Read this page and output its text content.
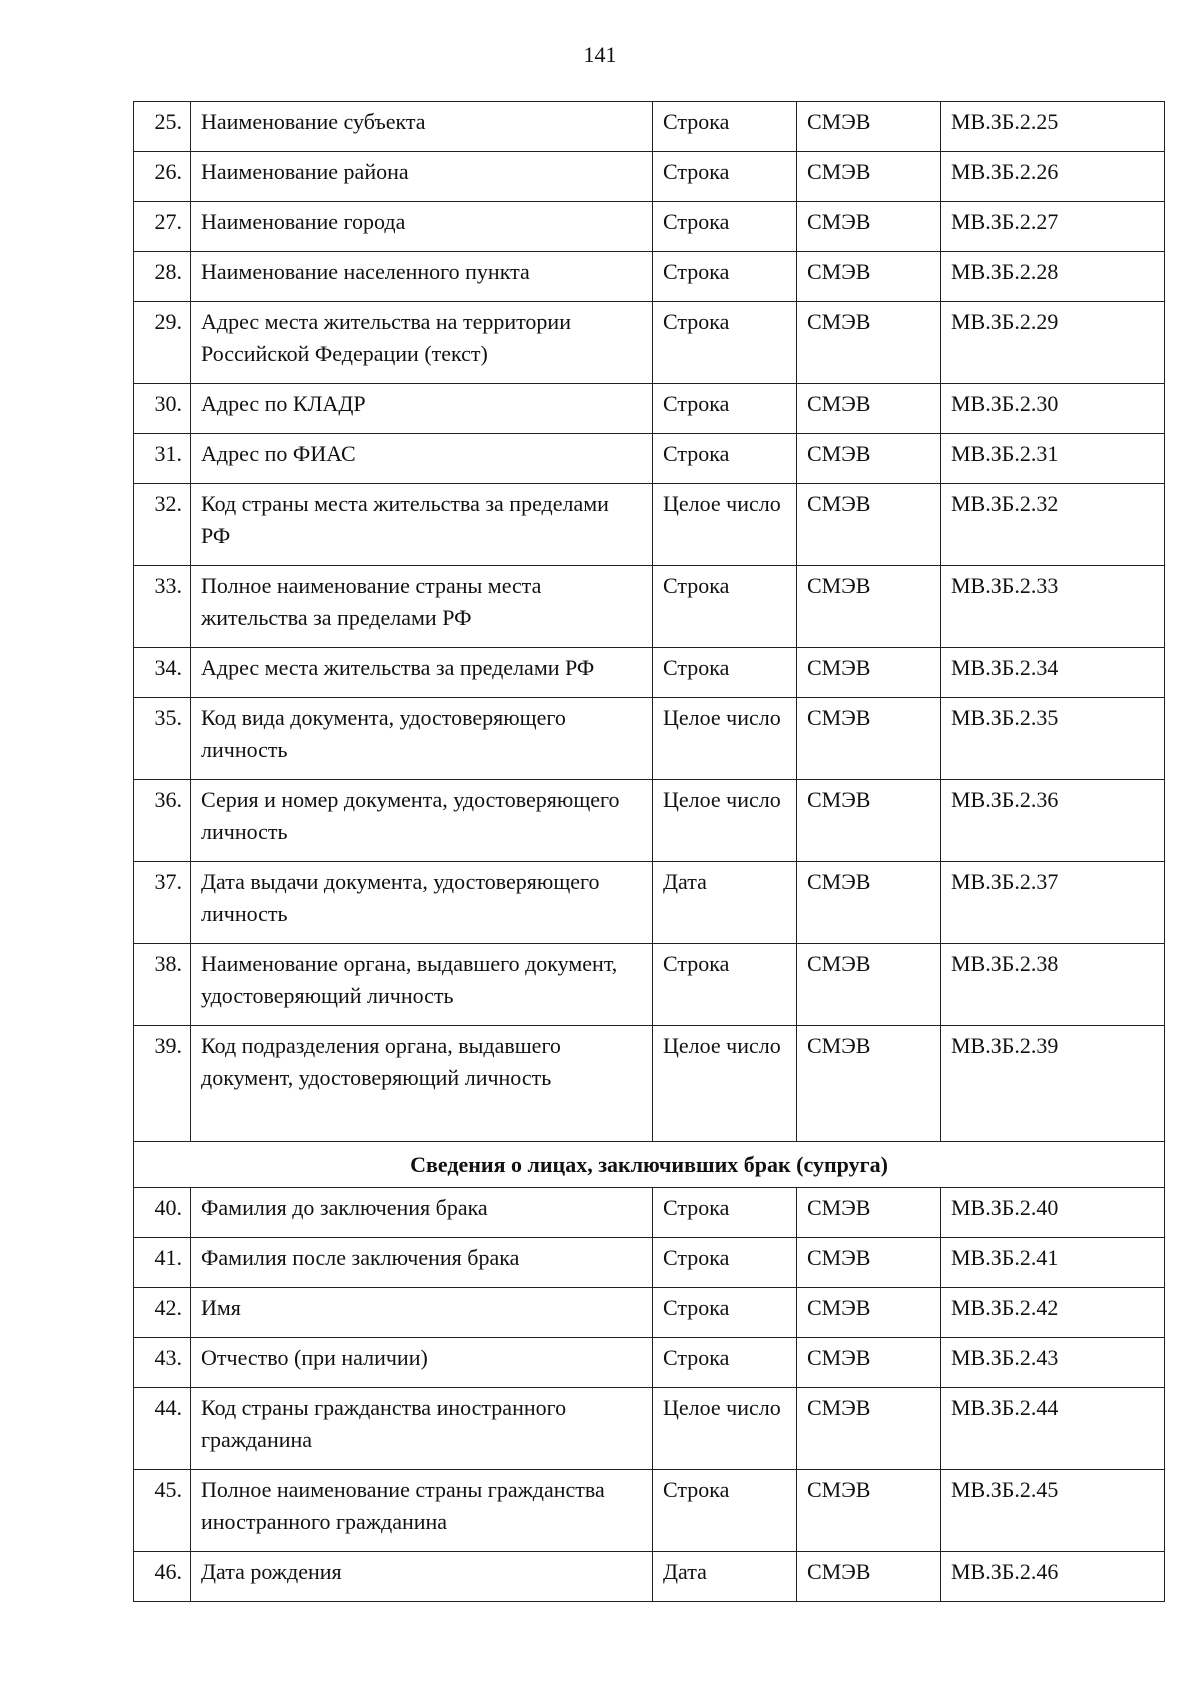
141
25.	Наименование субъекта	Строка	СМЭВ	МВ.ЗБ.2.25
26.	Наименование района	Строка	СМЭВ	МВ.ЗБ.2.26
27.	Наименование города	Строка	СМЭВ	МВ.ЗБ.2.27
28.	Наименование населенного пункта	Строка	СМЭВ	МВ.ЗБ.2.28
29.	Адрес места жительства на территории Российской Федерации (текст)	Строка	СМЭВ	МВ.ЗБ.2.29
30.	Адрес по КЛАДР	Строка	СМЭВ	МВ.ЗБ.2.30
31.	Адрес по ФИАС	Строка	СМЭВ	МВ.ЗБ.2.31
32.	Код страны места жительства за пределами РФ	Целое число	СМЭВ	МВ.ЗБ.2.32
33.	Полное наименование страны места жительства за пределами РФ	Строка	СМЭВ	МВ.ЗБ.2.33
34.	Адрес места жительства за пределами РФ	Строка	СМЭВ	МВ.ЗБ.2.34
35.	Код вида документа, удостоверяющего личность	Целое число	СМЭВ	МВ.ЗБ.2.35
36.	Серия и номер документа, удостоверяющего личность	Целое число	СМЭВ	МВ.ЗБ.2.36
37.	Дата выдачи документа, удостоверяющего личность	Дата	СМЭВ	МВ.ЗБ.2.37
38.	Наименование органа, выдавшего документ, удостоверяющий личность	Строка	СМЭВ	МВ.ЗБ.2.38
39.	Код подразделения органа, выдавшего документ, удостоверяющий личность	Целое число	СМЭВ	МВ.ЗБ.2.39
Сведения о лицах, заключивших брак (супруга)				
40.	Фамилия до заключения брака	Строка	СМЭВ	МВ.ЗБ.2.40
41.	Фамилия после заключения брака	Строка	СМЭВ	МВ.ЗБ.2.41
42.	Имя	Строка	СМЭВ	МВ.ЗБ.2.42
43.	Отчество (при наличии)	Строка	СМЭВ	МВ.ЗБ.2.43
44.	Код страны гражданства иностранного гражданина	Целое число	СМЭВ	МВ.ЗБ.2.44
45.	Полное наименование страны гражданства иностранного гражданина	Строка	СМЭВ	МВ.ЗБ.2.45
46.	Дата рождения	Дата	СМЭВ	МВ.ЗБ.2.46
